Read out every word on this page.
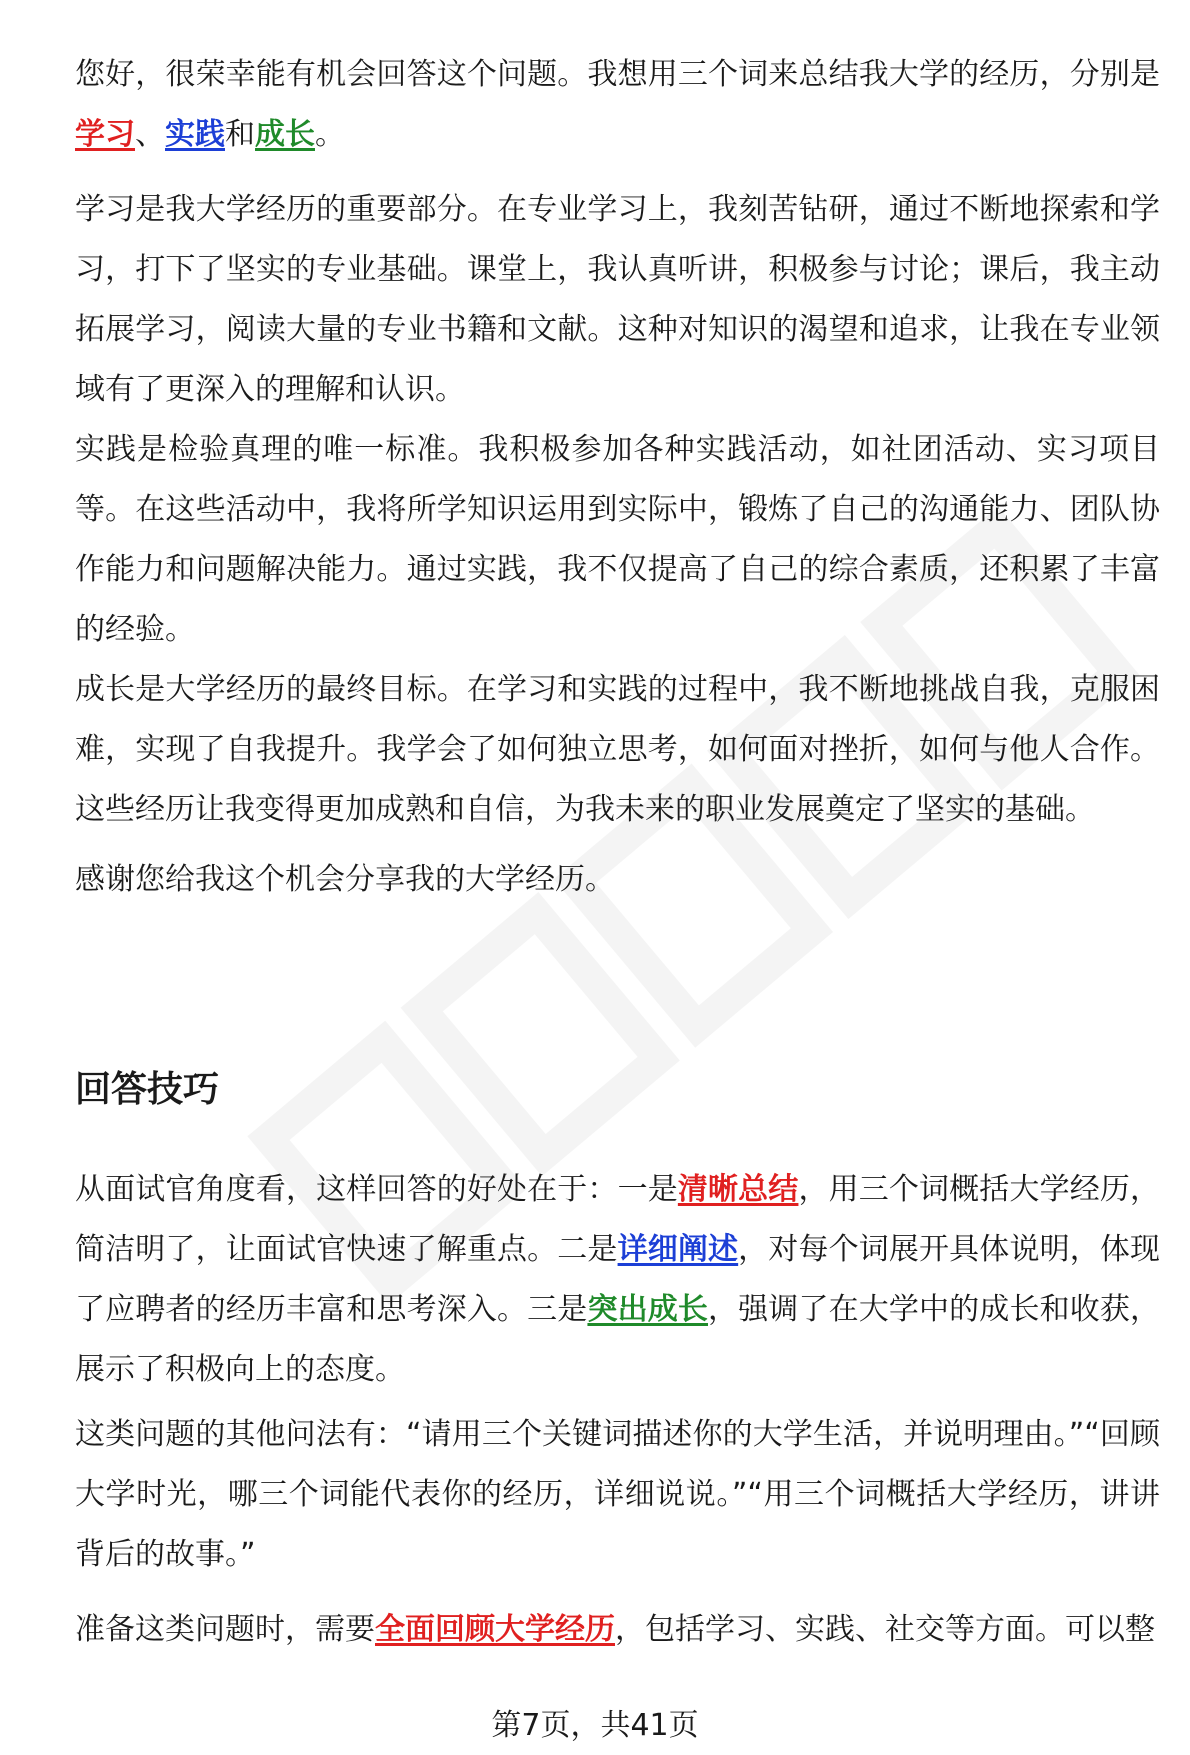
您好，很荣幸能有机会回答这个问题。我想用三个词来总结我大学的经历，分别是学习、实践和成长。

学习是我大学经历的重要部分。在专业学习上，我刻苦钻研，通过不断地探索和学习，打下了坚实的专业基础。课堂上，我认真听讲，积极参与讨论；课后，我主动拓展学习，阅读大量的专业书籍和文献。这种对知识的渴望和追求，让我在专业领域有了更深入的理解和认识。

实践是检验真理的唯一标准。我积极参加各种实践活动，如社团活动、实习项目等。在这些活动中，我将所学知识运用到实际中，锻炼了自己的沟通能力、团队协作能力和问题解决能力。通过实践，我不仅提高了自己的综合素质，还积累了丰富的经验。

成长是大学经历的最终目标。在学习和实践的过程中，我不断地挑战自我，克服困难，实现了自我提升。我学会了如何独立思考，如何面对挫折，如何与他人合作。这些经历让我变得更加成熟和自信，为我未来的职业发展奠定了坚实的基础。

感谢您给我这个机会分享我的大学经历。

回答技巧

从面试官角度看，这样回答的好处在于：一是清晰总结，用三个词概括大学经历，简洁明了，让面试官快速了解重点。二是详细阐述，对每个词展开具体说明，体现了应聘者的经历丰富和思考深入。三是突出成长，强调了在大学中的成长和收获，展示了积极向上的态度。

这类问题的其他问法有：“请用三个关键词描述你的大学生活，并说明理由。”“回顾大学时光，哪三个词能代表你的经历，详细说说。”“用三个词概括大学经历，讲讲背后的故事。”

准备这类问题时，需要全面回顾大学经历，包括学习、实践、社交等方面。可以整

第7页，共41页
